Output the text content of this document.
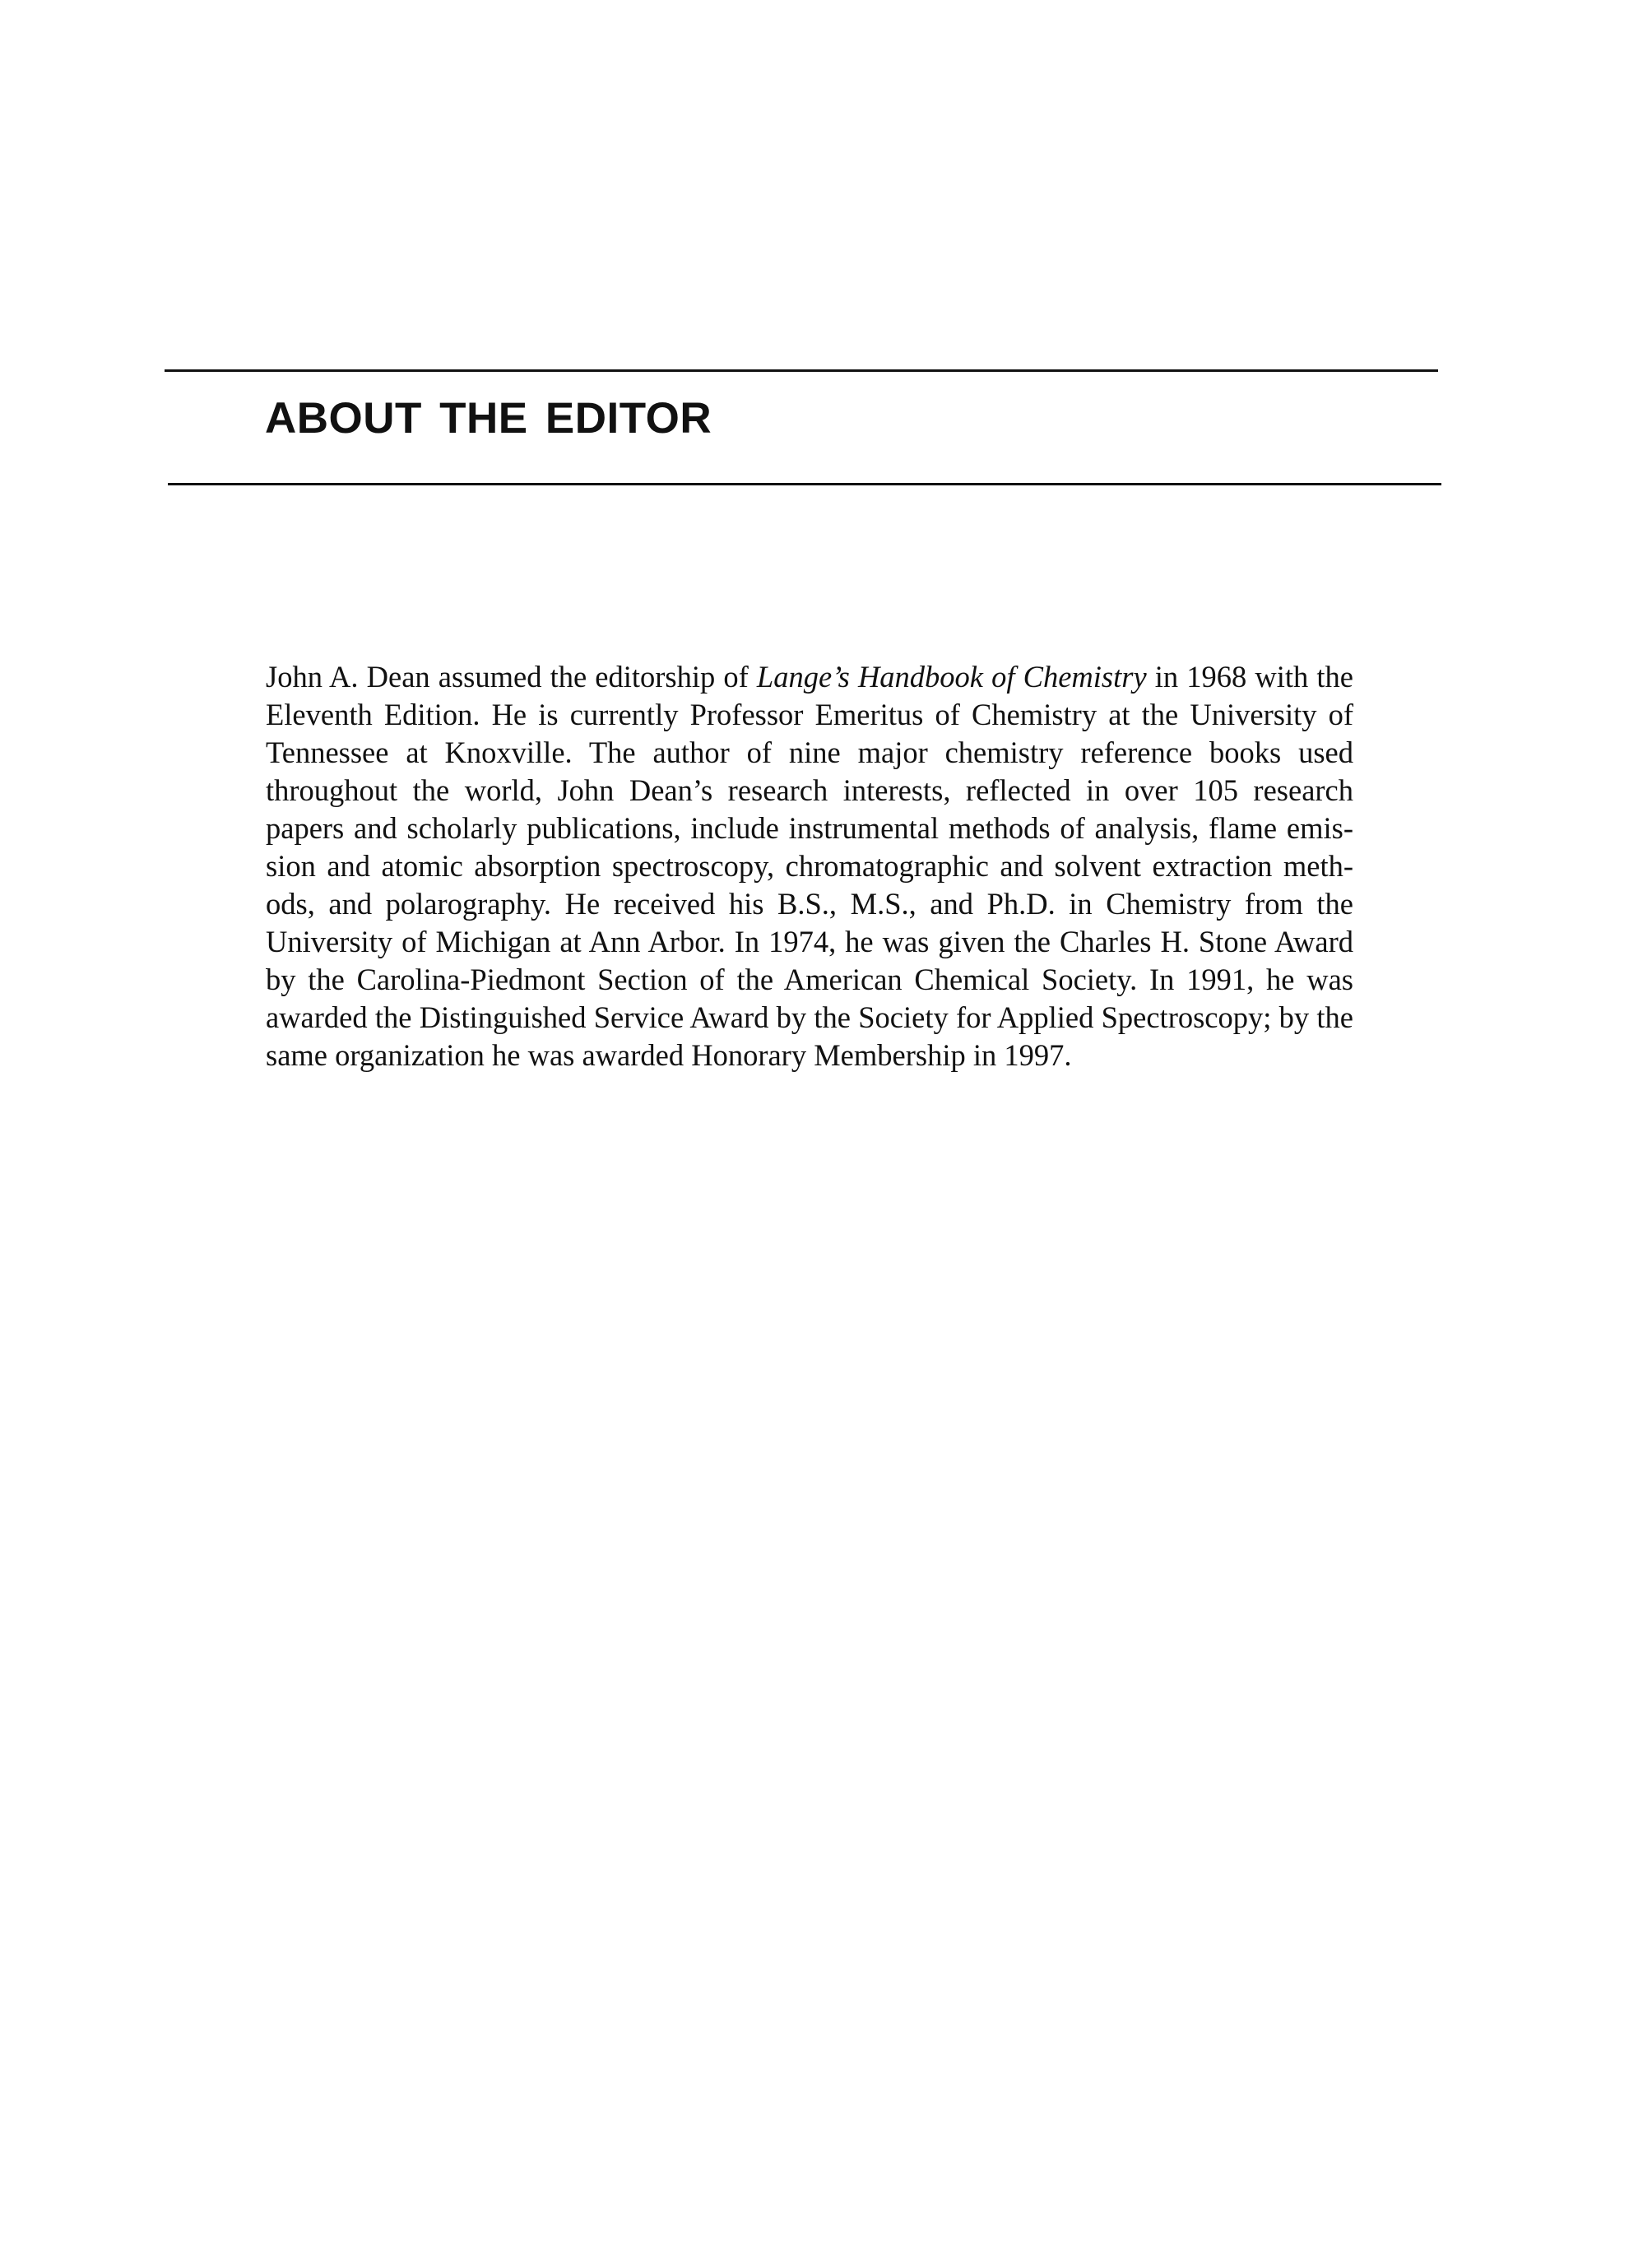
ABOUT THE EDITOR

John A. Dean assumed the editorship of Lange’s Handbook of Chemistry in 1968 with the Eleventh Edition. He is currently Professor Emeritus of Chemistry at the University of Tennessee at Knoxville. The author of nine major chemistry reference books used throughout the world, John Dean’s research interests, reflected in over 105 research papers and scholarly publications, include instrumental methods of analysis, flame emission and atomic absorption spectroscopy, chromatographic and solvent extraction methods, and polarography. He received his B.S., M.S., and Ph.D. in Chemistry from the University of Michigan at Ann Arbor. In 1974, he was given the Charles H. Stone Award by the Carolina-Piedmont Section of the American Chemical Society. In 1991, he was awarded the Distinguished Service Award by the Society for Applied Spectroscopy; by the same organization he was awarded Honorary Membership in 1997.
